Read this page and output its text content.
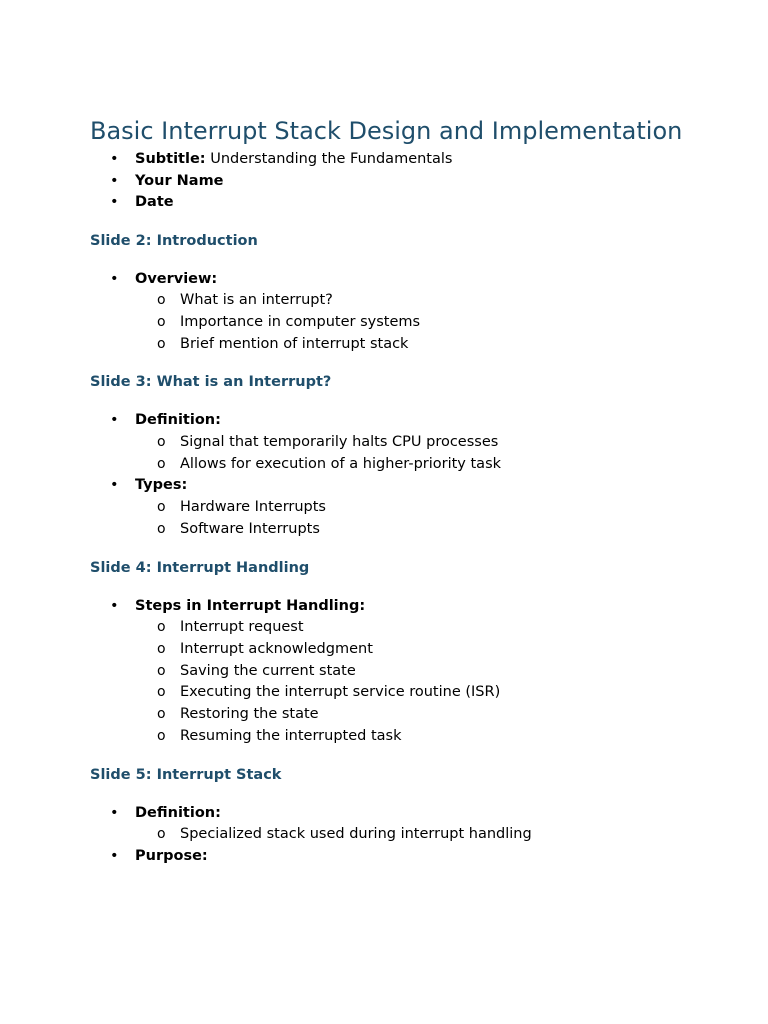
Basic Interrupt Stack Design and Implementation
• Subtitle: Understanding the Fundamentals
• Your Name
• Date
Slide 2: Introduction
• Overview:
o What is an interrupt?
o Importance in computer systems
o Brief mention of interrupt stack
Slide 3: What is an Interrupt?
• Definition:
o Signal that temporarily halts CPU processes
o Allows for execution of a higher-priority task
• Types:
o Hardware Interrupts
o Software Interrupts
Slide 4: Interrupt Handling
• Steps in Interrupt Handling:
o Interrupt request
o Interrupt acknowledgment
o Saving the current state
o Executing the interrupt service routine (ISR)
o Restoring the state
o Resuming the interrupted task
Slide 5: Interrupt Stack
• Definition:
o Specialized stack used during interrupt handling
• Purpose:
